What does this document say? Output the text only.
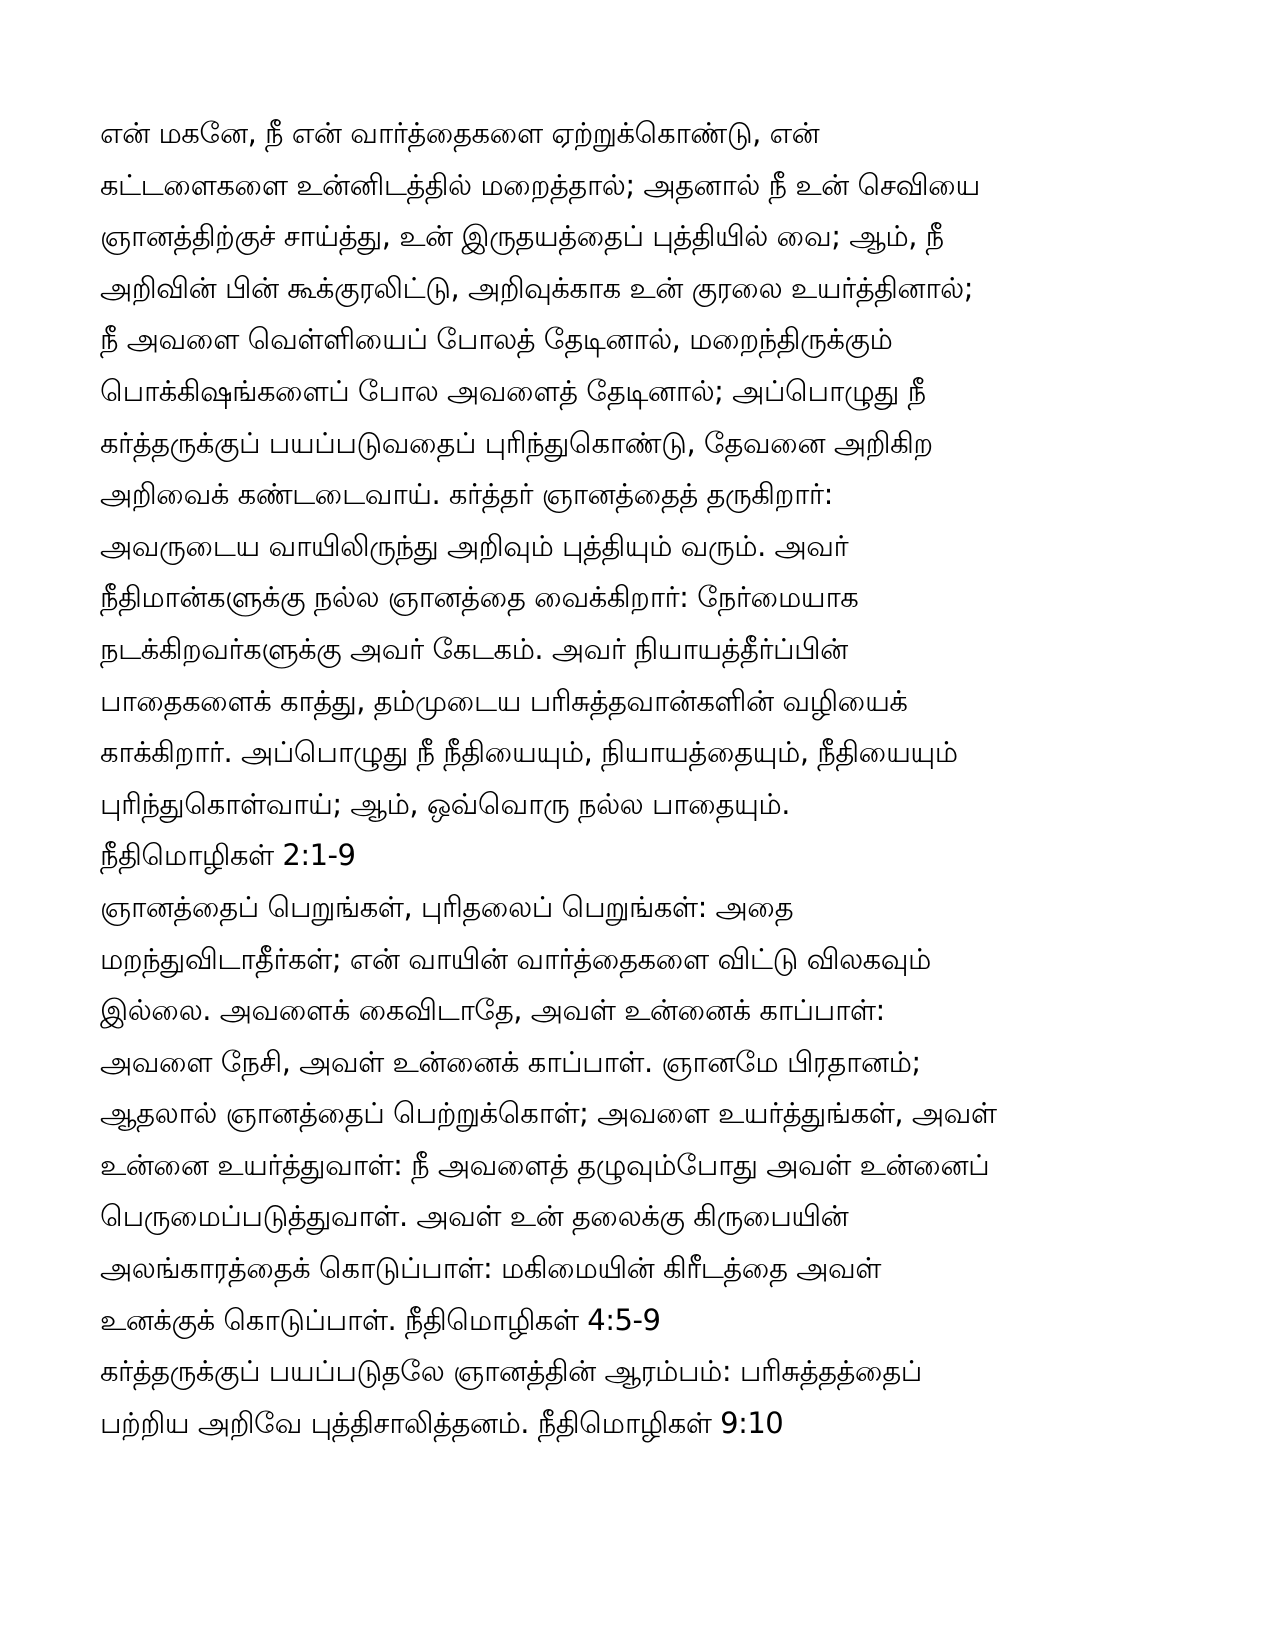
என் மகனே, நீ என் வார்த்தைகளை ஏற்றுக்கொண்டு, என்
கட்டளைகளை உன்னிடத்தில் மறைத்தால்; அதனால் நீ உன் செவியை
ஞானத்திற்குச் சாய்த்து, உன் இருதயத்தைப் புத்தியில் வை; ஆம், நீ
அறிவின் பின் கூக்குரலிட்டு, அறிவுக்காக உன் குரலை உயர்த்தினால்;
நீ அவளை வெள்ளியைப் போலத் தேடினால், மறைந்திருக்கும்
பொக்கிஷங்களைப் போல அவளைத் தேடினால்; அப்பொழுது நீ
கர்த்தருக்குப் பயப்படுவதைப் புரிந்துகொண்டு, தேவனை அறிகிற
அறிவைக் கண்டடைவாய். கர்த்தர் ஞானத்தைத் தருகிறார்:
அவருடைய வாயிலிருந்து அறிவும் புத்தியும் வரும். அவர்
நீதிமான்களுக்கு நல்ல ஞானத்தை வைக்கிறார்: நேர்மையாக
நடக்கிறவர்களுக்கு அவர் கேடகம். அவர் நியாயத்தீர்ப்பின்
பாதைகளைக் காத்து, தம்முடைய பரிசுத்தவான்களின் வழியைக்
காக்கிறார். அப்பொழுது நீ நீதியையும், நியாயத்தையும், நீதியையும்
புரிந்துகொள்வாய்; ஆம், ஒவ்வொரு நல்ல பாதையும்.
நீதிமொழிகள் 2:1-9
ஞானத்தைப் பெறுங்கள், புரிதலைப் பெறுங்கள்: அதை
மறந்துவிடாதீர்கள்; என் வாயின் வார்த்தைகளை விட்டு விலகவும்
இல்லை. அவளைக் கைவிடாதே, அவள் உன்னைக் காப்பாள்:
அவளை நேசி, அவள் உன்னைக் காப்பாள். ஞானமே பிரதானம்;
ஆதலால் ஞானத்தைப் பெற்றுக்கொள்; அவளை உயர்த்துங்கள், அவள்
உன்னை உயர்த்துவாள்: நீ அவளைத் தழுவும்போது அவள் உன்னைப்
பெருமைப்படுத்துவாள். அவள் உன் தலைக்கு கிருபையின்
அலங்காரத்தைக் கொடுப்பாள்: மகிமையின் கிரீடத்தை அவள்
உனக்குக் கொடுப்பாள். நீதிமொழிகள் 4:5-9
கர்த்தருக்குப் பயப்படுதலே ஞானத்தின் ஆரம்பம்: பரிசுத்தத்தைப்
பற்றிய அறிவே புத்திசாலித்தனம். நீதிமொழிகள் 9:10
